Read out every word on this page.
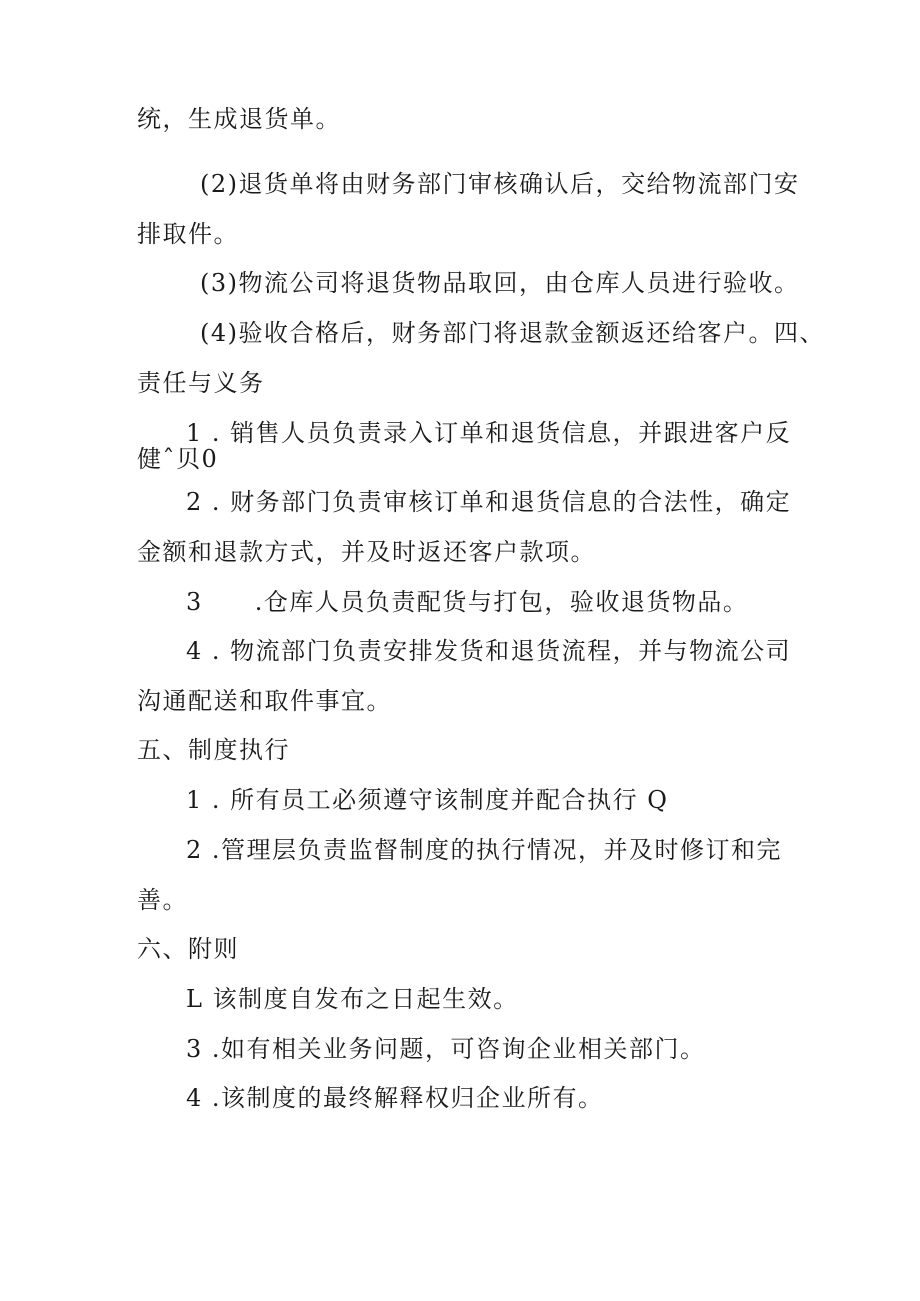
统，生成退货单。
(2)退货单将由财务部门审核确认后，交给物流部门安
排取件。
(3)物流公司将退货物品取回，由仓库人员进行验收。
(4)验收合格后，财务部门将退款金额返还给客户。四、
责任与义务
1 . 销售人员负责录入订单和退货信息，并跟进客户反
健ˆ贝0
2 . 财务部门负责审核订单和退货信息的合法性，确定
金额和退款方式，并及时返还客户款项。
3 .仓库人员负责配货与打包，验收退货物品。
4 . 物流部门负责安排发货和退货流程，并与物流公司
沟通配送和取件事宜。
五、制度执行
1 . 所有员工必须遵守该制度并配合执行 Q
2 .管理层负责监督制度的执行情况，并及时修订和完
善。
六、附则
L 该制度自发布之日起生效。
3 .如有相关业务问题，可咨询企业相关部门。
4 .该制度的最终解释权归企业所有。
